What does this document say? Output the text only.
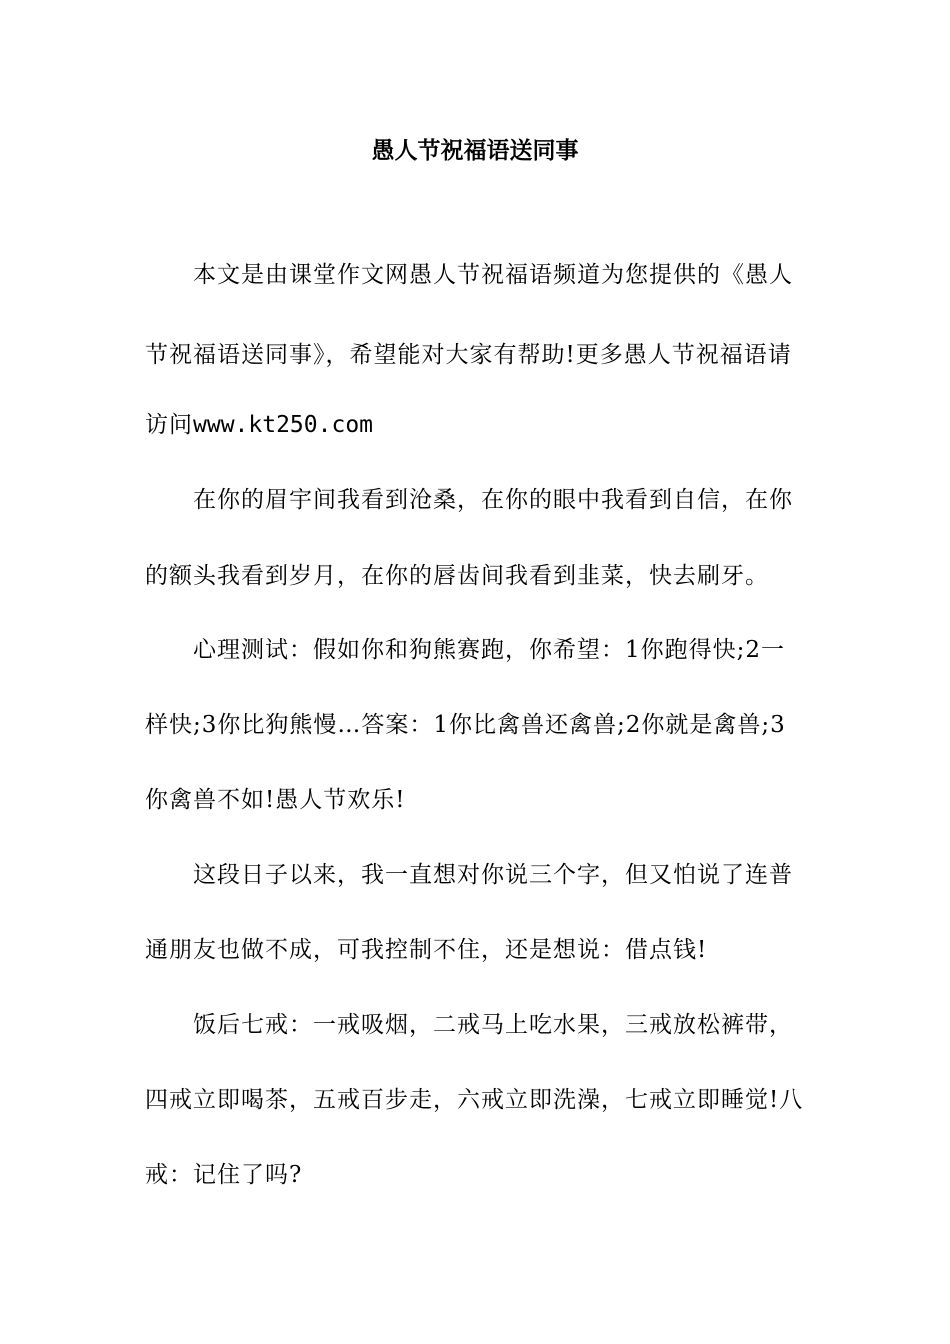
愚人节祝福语送同事
本文是由课堂作文网愚人节祝福语频道为您提供的《愚人
节祝福语送同事》，希望能对大家有帮助!更多愚人节祝福语请
访问www.kt250.com
在你的眉宇间我看到沧桑，在你的眼中我看到自信，在你
的额头我看到岁月，在你的唇齿间我看到韭菜，快去刷牙。
心理测试：假如你和狗熊赛跑，你希望：1你跑得快;2一
样快;3你比狗熊慢…答案：1你比禽兽还禽兽;2你就是禽兽;3
你禽兽不如!愚人节欢乐!
这段日子以来，我一直想对你说三个字，但又怕说了连普
通朋友也做不成，可我控制不住，还是想说：借点钱!
饭后七戒：一戒吸烟，二戒马上吃水果，三戒放松裤带，
四戒立即喝茶，五戒百步走，六戒立即洗澡，七戒立即睡觉!八
戒：记住了吗?
